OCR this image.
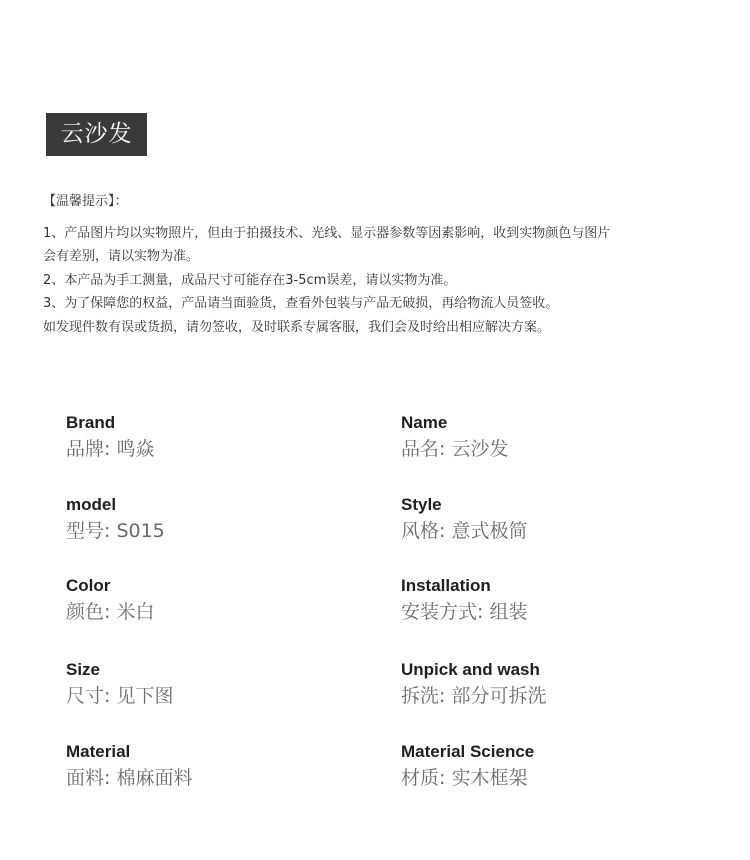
云沙发
【温馨提示】：
1、产品图片均以实物照片，但由于拍摄技术、光线、显示器参数等因素影响，收到实物颜色与图片
会有差别，请以实物为准。
2、本产品为手工测量，成品尺寸可能存在3-5cm误差，请以实物为准。
3、为了保障您的权益，产品请当面验货，查看外包装与产品无破损，再给物流人员签收。
如发现件数有误或货损，请勿签收，及时联系专属客服，我们会及时给出相应解决方案。
Brand
品牌: 鸣焱
Name
品名: 云沙发
model
型号: S015
Style
风格: 意式极简
Color
颜色: 米白
Installation
安装方式: 组装
Size
尺寸: 见下图
Unpick and wash
拆洗: 部分可拆洗
Material
面料: 棉麻面料
Material Science
材质: 实木框架
